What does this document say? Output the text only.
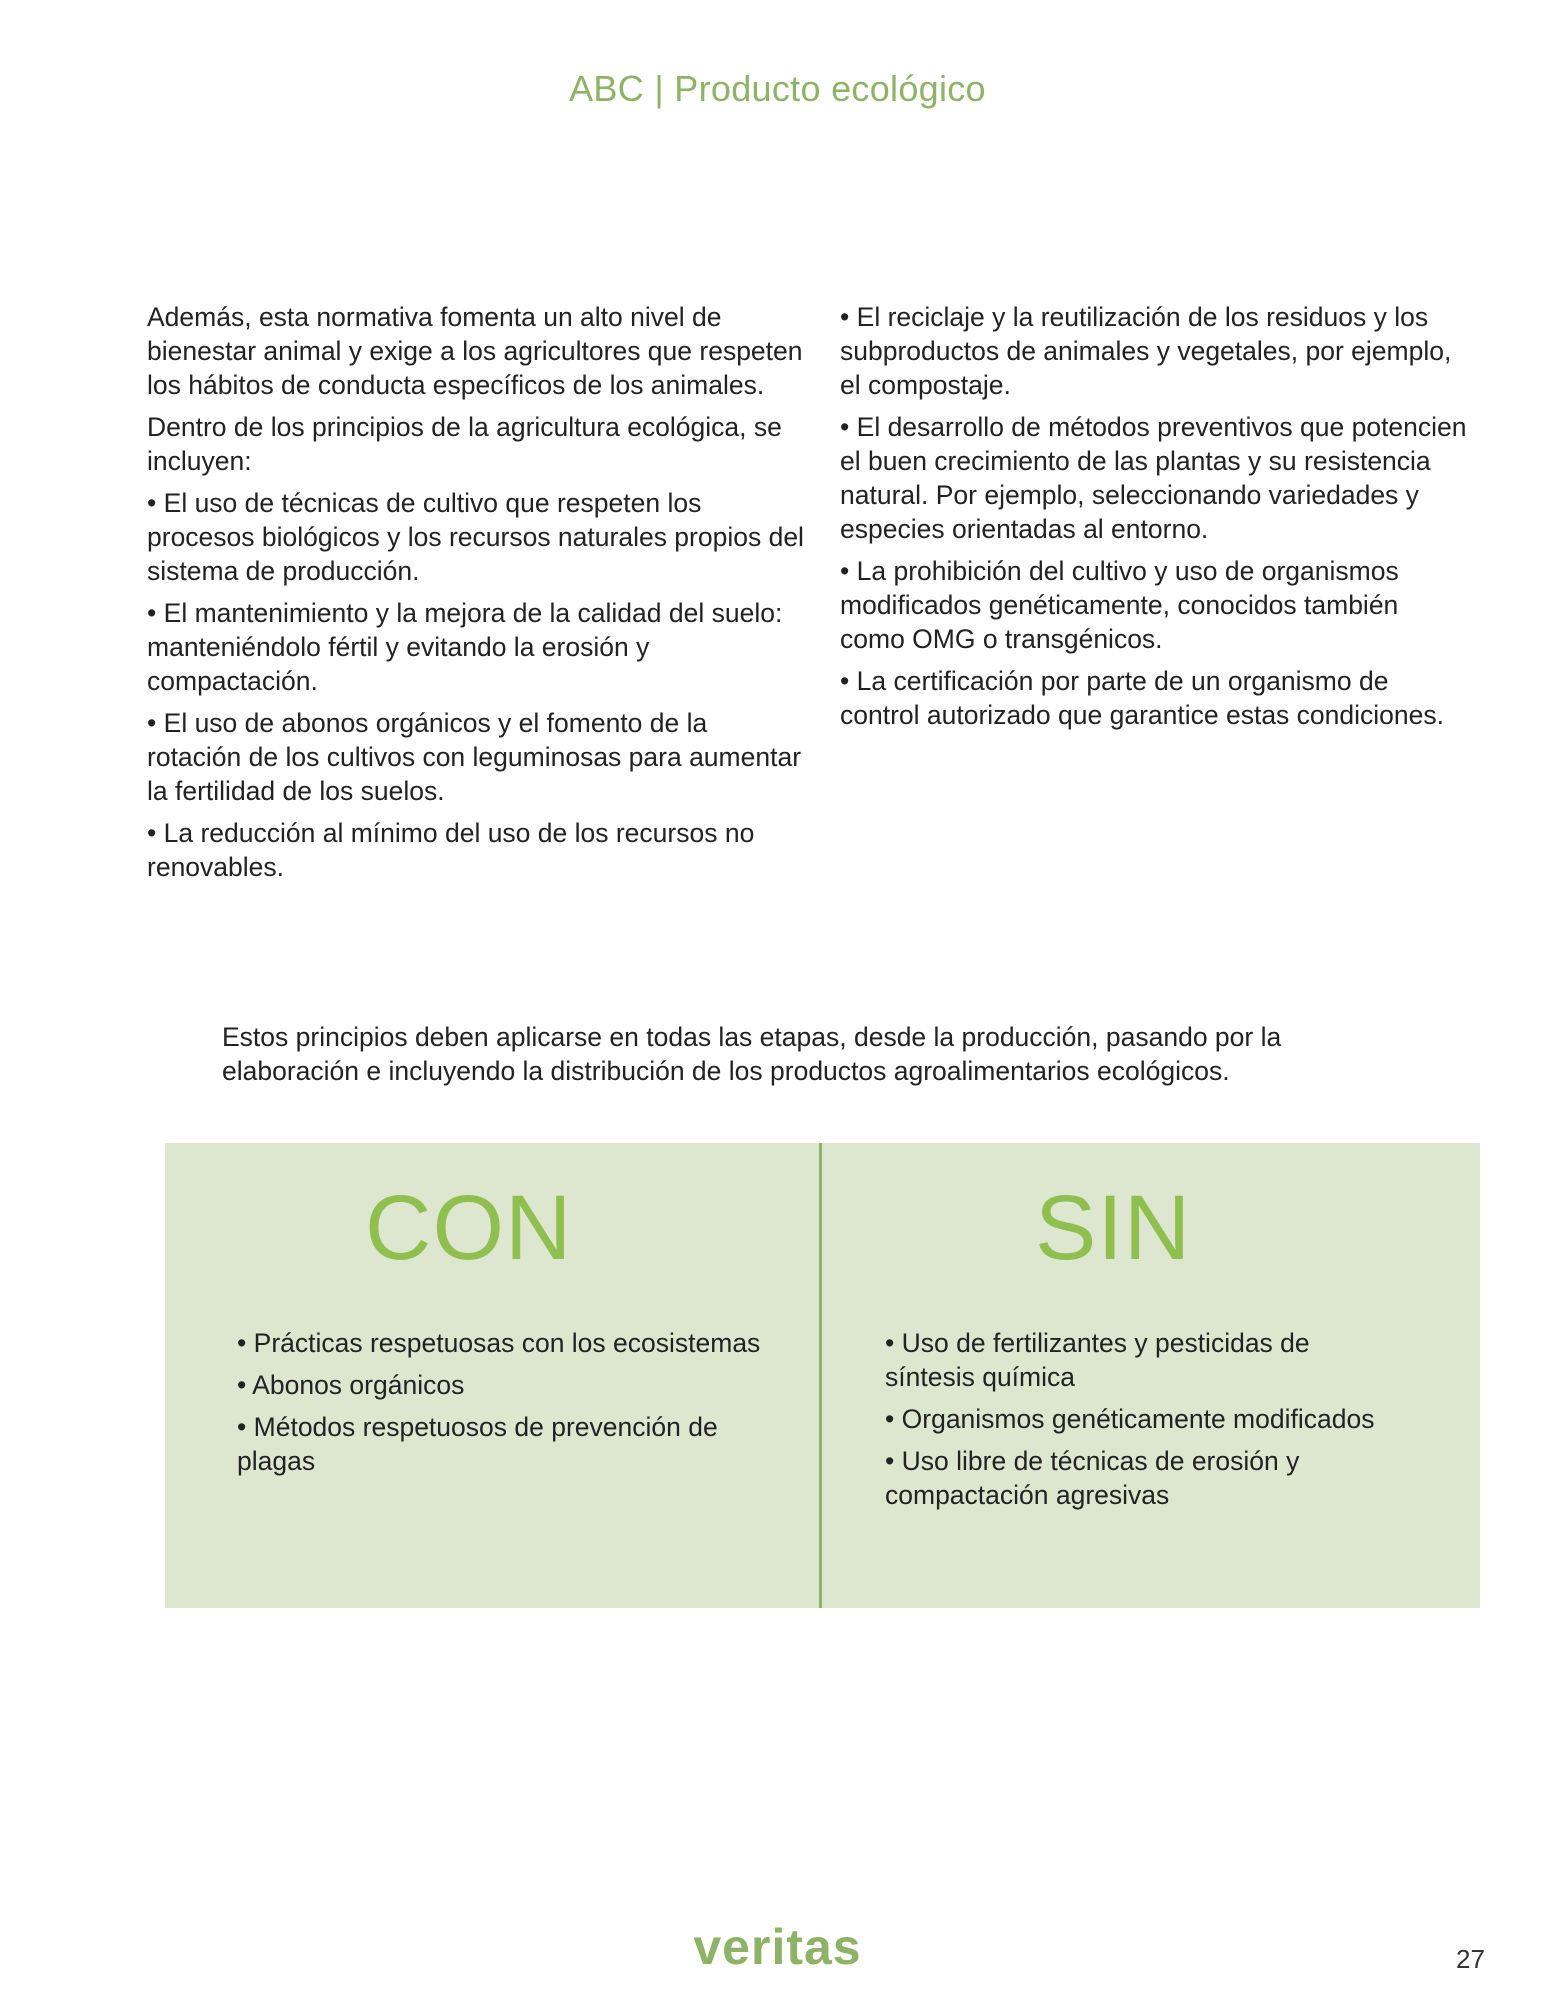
ABC | Producto ecológico

Además, esta normativa fomenta un alto nivel de bienestar animal y exige a los agricultores que respeten los hábitos de conducta específicos de los animales.

Dentro de los principios de la agricultura ecológica, se incluyen:

• El uso de técnicas de cultivo que respeten los procesos biológicos y los recursos naturales propios del sistema de producción.

• El mantenimiento y la mejora de la calidad del suelo: manteniéndolo fértil y evitando la erosión y compactación.

• El uso de abonos orgánicos y el fomento de la rotación de los cultivos con leguminosas para aumentar la fertilidad de los suelos.

• La reducción al mínimo del uso de los recursos no renovables.

• El reciclaje y la reutilización de los residuos y los subproductos de animales y vegetales, por ejemplo, el compostaje.

• El desarrollo de métodos preventivos que potencien el buen crecimiento de las plantas y su resistencia natural. Por ejemplo, seleccionando variedades y especies orientadas al entorno.

• La prohibición del cultivo y uso de organismos modificados genéticamente, conocidos también como OMG o transgénicos.

• La certificación por parte de un organismo de control autorizado que garantice estas condiciones.

Estos principios deben aplicarse en todas las etapas, desde la producción, pasando por la elaboración e incluyendo la distribución de los productos agroalimentarios ecológicos.

CON
• Prácticas respetuosas con los ecosistemas
• Abonos orgánicos
• Métodos respetuosos de prevención de plagas
SIN
• Uso de fertilizantes y pesticidas de síntesis química
• Organismos genéticamente modificados
• Uso libre de técnicas de erosión y compactación agresivas
veritas	27
